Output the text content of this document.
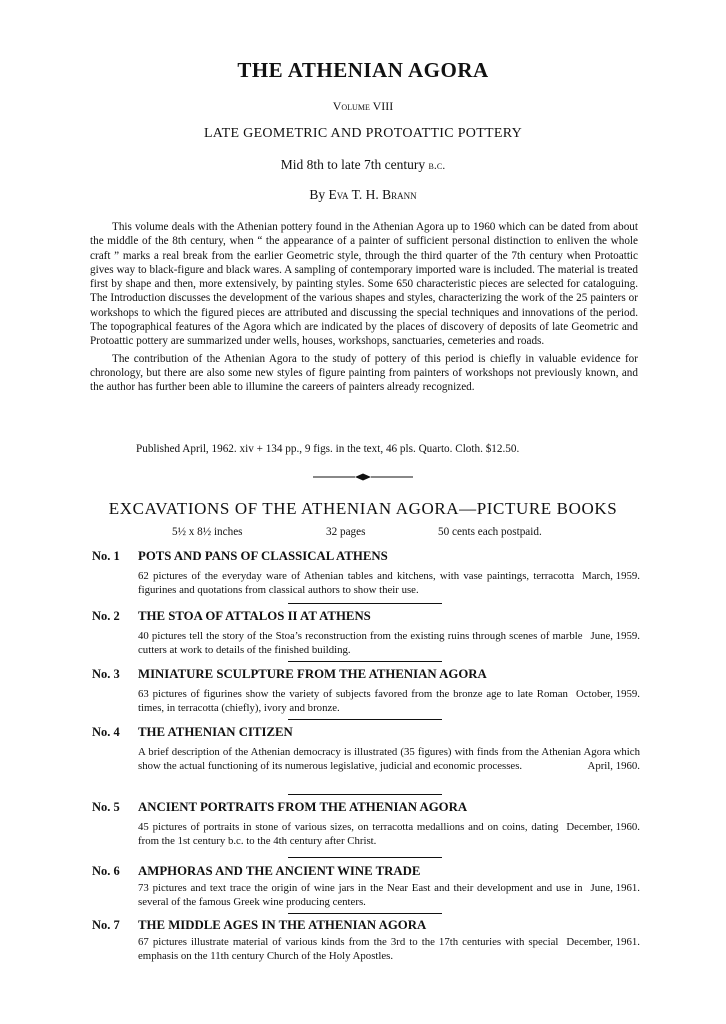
THE ATHENIAN AGORA
Volume VIII
LATE GEOMETRIC AND PROTOATTIC POTTERY
Mid 8th to late 7th century b.c.
By Eva T. H. Brann

This volume deals with the Athenian pottery found in the Athenian Agora up to 1960 which can be dated from about the middle of the 8th century, when “ the appearance of a painter of sufficient personal distinction to enliven the whole craft ” marks a real break from the earlier Geometric style, through the third quarter of the 7th century when Protoattic gives way to black-figure and black wares. A sampling of contemporary imported ware is included. The material is treated first by shape and then, more extensively, by painting styles. Some 650 characteristic pieces are selected for cataloguing. The Introduction discusses the development of the various shapes and styles, characterizing the work of the 25 painters or workshops to which the figured pieces are attributed and discussing the special techniques and innovations of the period. The topographical features of the Agora which are indicated by the places of discovery of deposits of late Geometric and Protoattic pottery are summarized under wells, houses, workshops, sanctuaries, cemeteries and roads.

The contribution of the Athenian Agora to the study of pottery of this period is chiefly in valuable evidence for chronology, but there are also some new styles of figure painting from painters of workshops not previously known, and the author has further been able to illumine the careers of painters already recognized.

Published April, 1962. xiv + 134 pp., 9 figs. in the text, 46 pls. Quarto. Cloth. $12.50.
EXCAVATIONS OF THE ATHENIAN AGORA—PICTURE BOOKS
5½ x 8½ inches	32 pages	50 cents each postpaid.
No. 1 POTS AND PANS OF CLASSICAL ATHENS
March, 1959.
62 pictures of the everyday ware of Athenian tables and kitchens, with vase paintings, terracotta figurines and quotations from classical authors to show their use.
No. 2 THE STOA OF ATTALOS II AT ATHENS
June, 1959.
40 pictures tell the story of the Stoa’s reconstruction from the existing ruins through scenes of marble cutters at work to details of the finished building.
No. 3 MINIATURE SCULPTURE FROM THE ATHENIAN AGORA
October, 1959.
63 pictures of figurines show the variety of subjects favored from the bronze age to late Roman times, in terracotta (chiefly), ivory and bronze.
No. 4 THE ATHENIAN CITIZEN
A brief description of the Athenian democracy is illustrated (35 figures) with finds from the Athenian Agora which show the actual functioning of its numerous legislative, judicial and economic processes.	April, 1960.
No. 5 ANCIENT PORTRAITS FROM THE ATHENIAN AGORA
December, 1960.
45 pictures of portraits in stone of various sizes, on terracotta medallions and on coins, dating from the 1st century b.c. to the 4th century after Christ.
No. 6 AMPHORAS AND THE ANCIENT WINE TRADE
June, 1961.
73 pictures and text trace the origin of wine jars in the Near East and their development and use in several of the famous Greek wine producing centers.
No. 7 THE MIDDLE AGES IN THE ATHENIAN AGORA
December, 1961.
67 pictures illustrate material of various kinds from the 3rd to the 17th centuries with special emphasis on the 11th century Church of the Holy Apostles.
